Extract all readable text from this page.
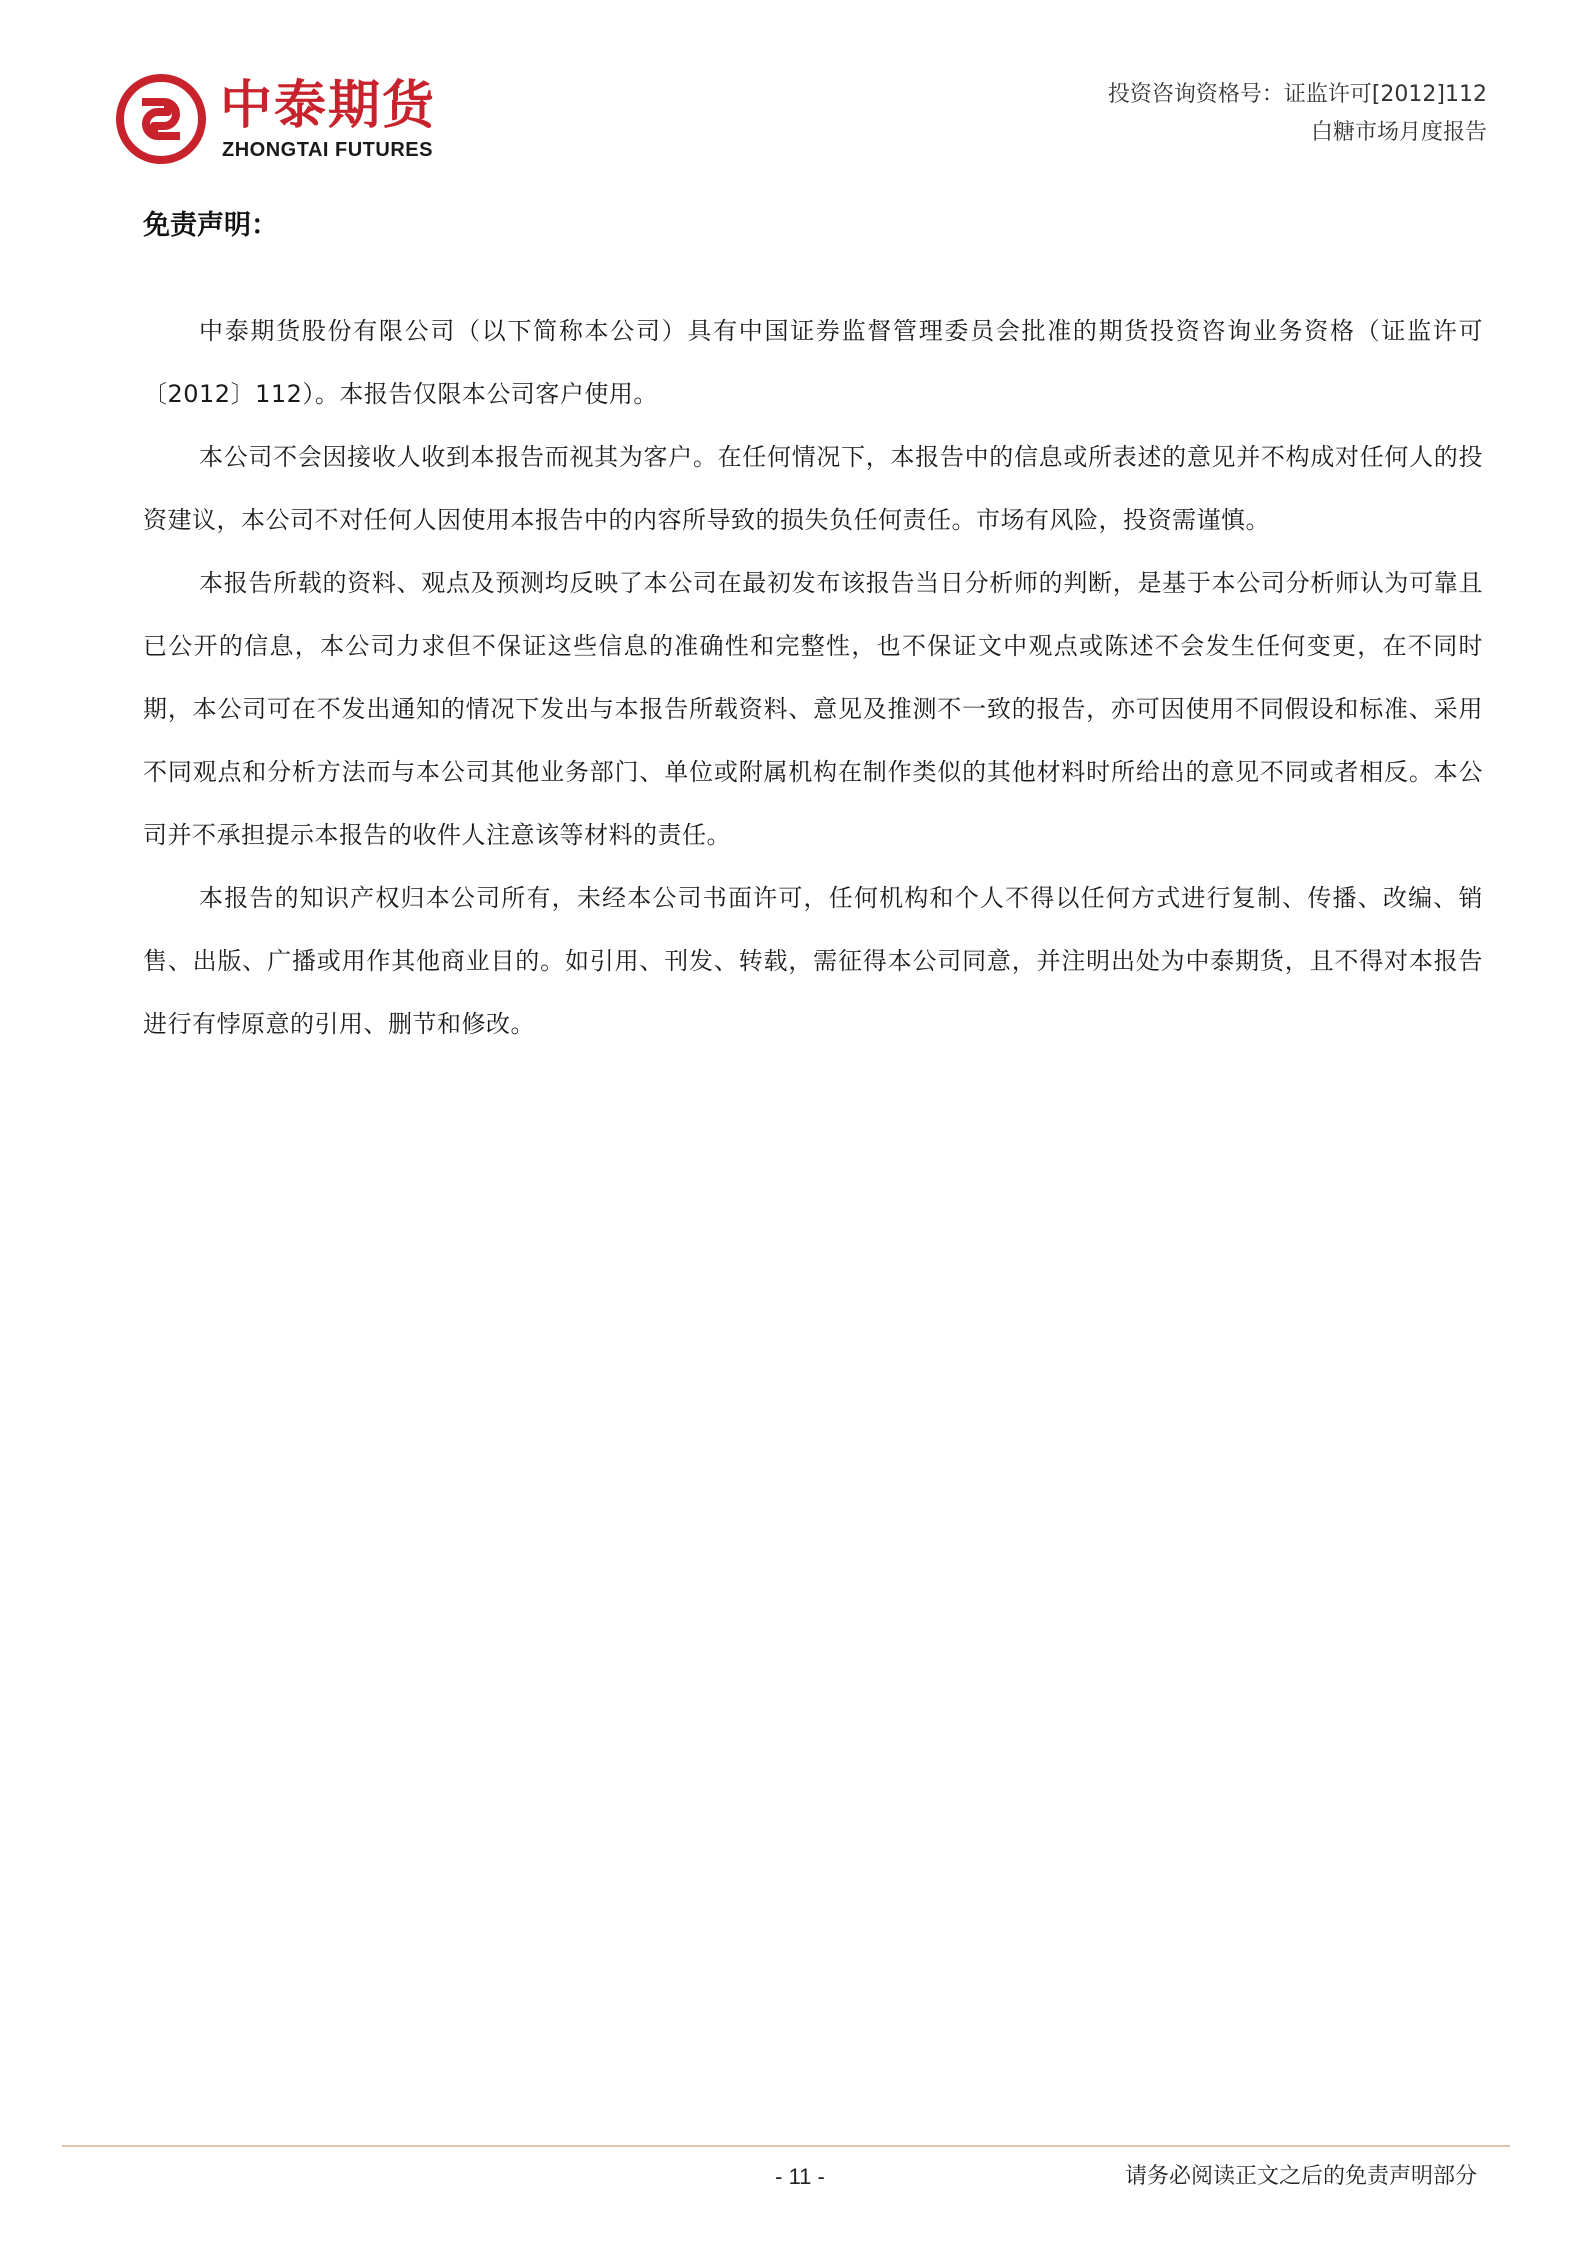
中泰期货
ZHONGTAI FUTURES
投资咨询资格号：证监许可[2012]112
白糖市场月度报告
免责声明：

中泰期货股份有限公司（以下简称本公司）具有中国证券监督管理委员会批准的期货投资咨询业务资格（证监许可〔2012〕112）。本报告仅限本公司客户使用。

本公司不会因接收人收到本报告而视其为客户。在任何情况下，本报告中的信息或所表述的意见并不构成对任何人的投资建议，本公司不对任何人因使用本报告中的内容所导致的损失负任何责任。市场有风险，投资需谨慎。

本报告所载的资料、观点及预测均反映了本公司在最初发布该报告当日分析师的判断，是基于本公司分析师认为可靠且已公开的信息，本公司力求但不保证这些信息的准确性和完整性，也不保证文中观点或陈述不会发生任何变更，在不同时期，本公司可在不发出通知的情况下发出与本报告所载资料、意见及推测不一致的报告，亦可因使用不同假设和标准、采用不同观点和分析方法而与本公司其他业务部门、单位或附属机构在制作类似的其他材料时所给出的意见不同或者相反。本公司并不承担提示本报告的收件人注意该等材料的责任。

本报告的知识产权归本公司所有，未经本公司书面许可，任何机构和个人不得以任何方式进行复制、传播、改编、销售、出版、广播或用作其他商业目的。如引用、刊发、转载，需征得本公司同意，并注明出处为中泰期货，且不得对本报告进行有悖原意的引用、删节和修改。

- 11 -	请务必阅读正文之后的免责声明部分
